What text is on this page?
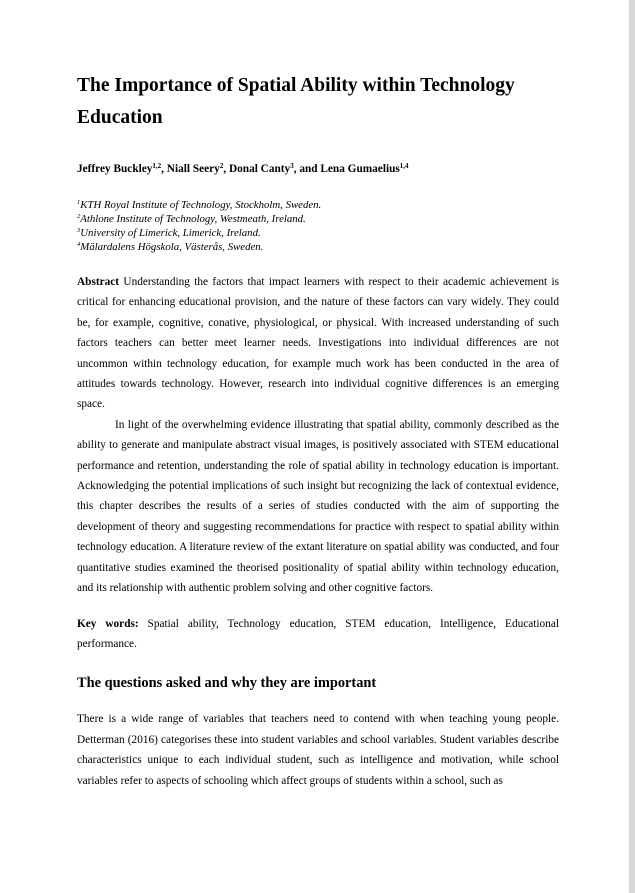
The Importance of Spatial Ability within Technology
Education
Jeffrey Buckley$^{1,2}$, Niall Seery$^2$, Donal Canty$^3$, and Lena Gumaelius$^{1,4}$
$^1$KTH Royal Institute of Technology, Stockholm, Sweden.
$^2$Athlone Institute of Technology, Westmeath, Ireland.
$^3$University of Limerick, Limerick, Ireland.
$^4$Mälardalens Högskola, Västerås, Sweden.

Abstract Understanding the factors that impact learners with respect to their academic achievement is critical for enhancing educational provision, and the nature of these factors can vary widely. They could be, for example, cognitive, conative, physiological, or physical. With increased understanding of such factors teachers can better meet learner needs. Investigations into individual differences are not uncommon within technology education, for example much work has been conducted in the area of attitudes towards technology. However, research into individual cognitive differences is an emerging space.

In light of the overwhelming evidence illustrating that spatial ability, commonly described as the ability to generate and manipulate abstract visual images, is positively associated with STEM educational performance and retention, understanding the role of spatial ability in technology education is important. Acknowledging the potential implications of such insight but recognizing the lack of contextual evidence, this chapter describes the results of a series of studies conducted with the aim of supporting the development of theory and suggesting recommendations for practice with respect to spatial ability within technology education. A literature review of the extant literature on spatial ability was conducted, and four quantitative studies examined the theorised positionality of spatial ability within technology education, and its relationship with authentic problem solving and other cognitive factors.

Key words: Spatial ability, Technology education, STEM education, Intelligence, Educational performance.
The questions asked and why they are important

There is a wide range of variables that teachers need to contend with when teaching young people. Detterman (2016) categorises these into student variables and school variables. Student variables describe characteristics unique to each individual student, such as intelligence and motivation, while school variables refer to aspects of schooling which affect groups of students within a school, such as
